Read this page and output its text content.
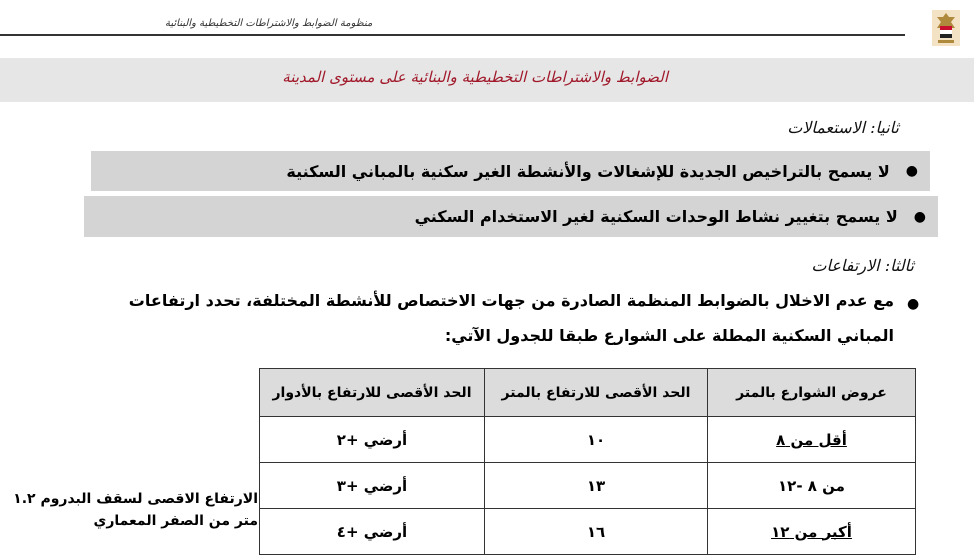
منظومة الضوابط والاشتراطات التخطيطية والبنائية
الضوابط والاشتراطات التخطيطية والبنائية على مستوى المدينة
ثانيا: الاستعمالات
●
لا يسمح بالتراخيص الجديدة للإشغالات والأنشطة الغير سكنية بالمباني السكنية
●
لا يسمح بتغيير نشاط الوحدات السكنية لغير الاستخدام السكني
ثالثا: الارتفاعات
●
مع عدم الاخلال بالضوابط المنظمة الصادرة من جهات الاختصاص للأنشطة المختلفة، تحدد ارتفاعات
المباني السكنية المطلة على الشوارع طبقا للجدول الآتي:
عروض الشوارع بالمتر	الحد الأقصى للارتفاع بالمتر	الحد الأقصى للارتفاع بالأدوار
أقل من ٨	١٠	أرضي +٢
من ٨ -١٢	١٣	أرضي +٣
أكبر من ١٢	١٦	أرضي +٤
الارتفاع الاقصى لسقف البدروم ١.٢
متر من الصفر المعماري
